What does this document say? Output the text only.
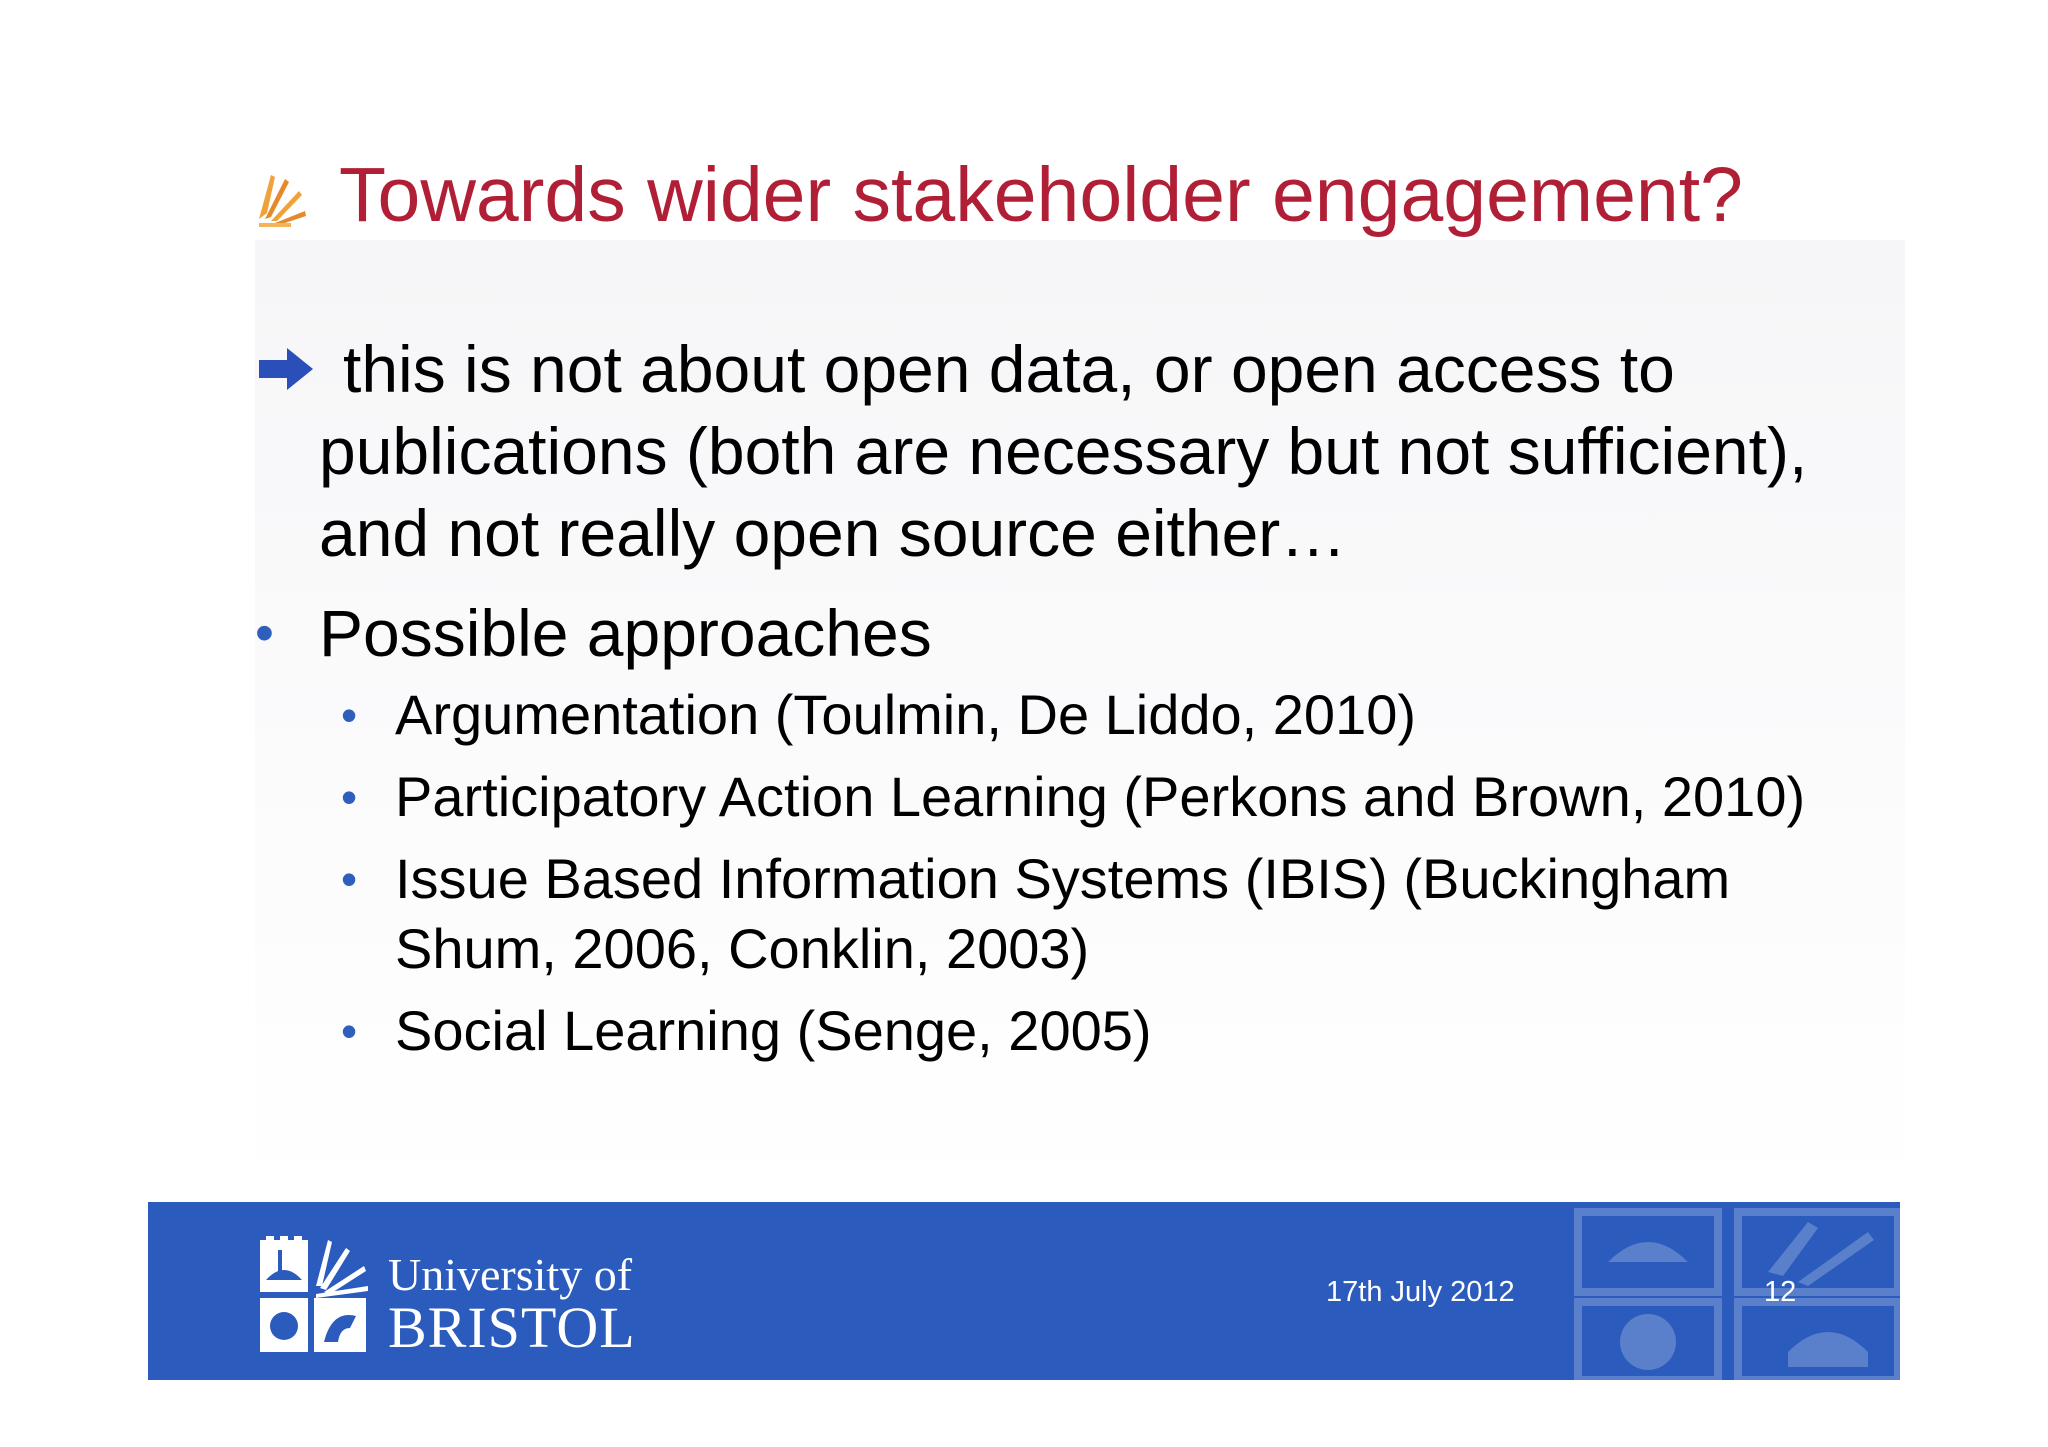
Towards wider stakeholder engagement?
this is not about open data, or open access to publications (both are necessary but not sufficient), and not really open source either…
• Possible approaches
• Argumentation (Toulmin, De Liddo, 2010)
• Participatory Action Learning (Perkons and Brown, 2010)
• Issue Based Information Systems (IBIS) (Buckingham Shum, 2006, Conklin, 2003)
• Social Learning (Senge, 2005)
University of
BRISTOL
17th July 2012	12
